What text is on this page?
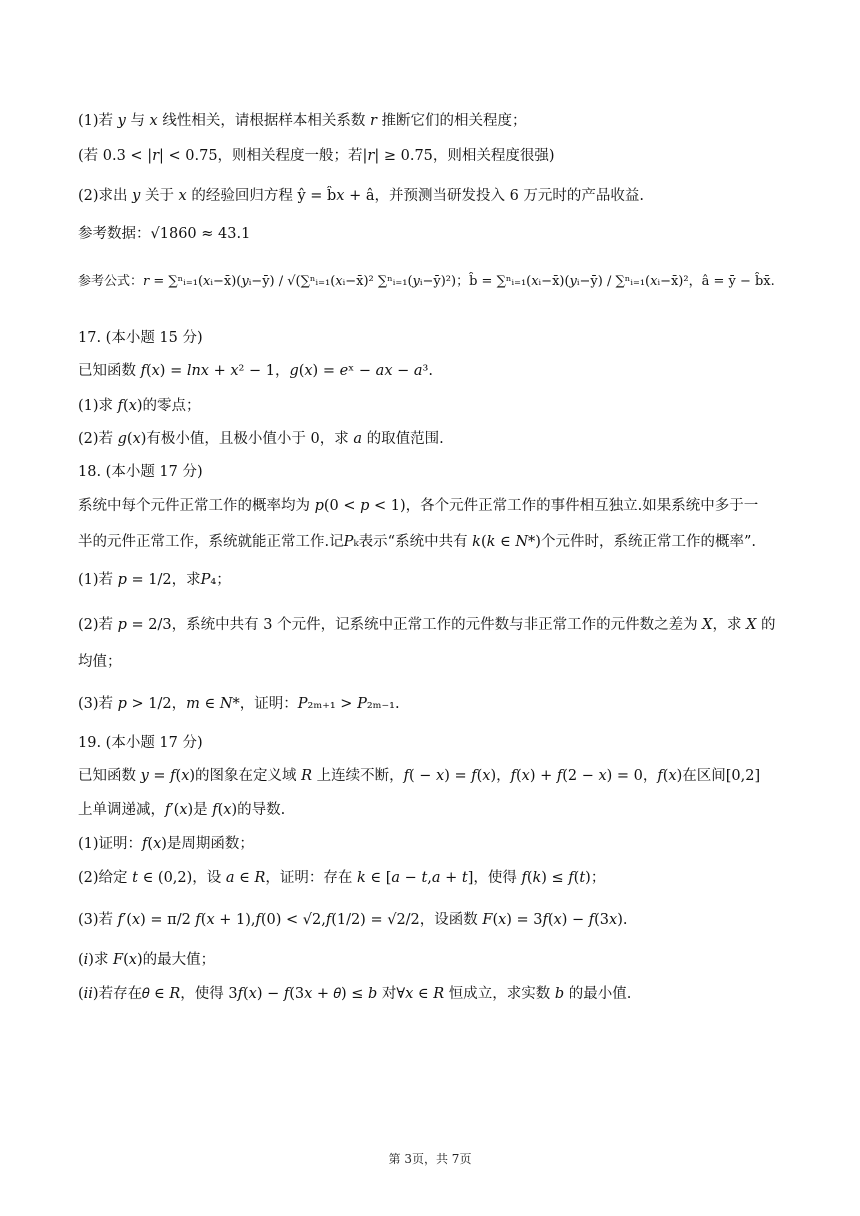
(1)若 𝑦 与 𝑥 线性相关，请根据样本相关系数 𝑟 推断它们的相关程度；
(若 0.3 < |𝑟| < 0.75，则相关程度一般；若|𝑟| ≥ 0.75，则相关程度很强)
(2)求出 𝑦 关于 𝑥 的经验回归方程 ŷ = b̂𝑥 + â，并预测当研发投入 6 万元时的产品收益.
参考数据：√1860 ≈ 43.1
参考公式：𝑟 = ∑ⁿᵢ₌₁(𝑥ᵢ−x̄)(𝑦ᵢ−ȳ) / √(∑ⁿᵢ₌₁(𝑥ᵢ−x̄)² ∑ⁿᵢ₌₁(𝑦ᵢ−ȳ)²)；b̂ = ∑ⁿᵢ₌₁(𝑥ᵢ−x̄)(𝑦ᵢ−ȳ) / ∑ⁿᵢ₌₁(𝑥ᵢ−x̄)²，â = ȳ − b̂x̄.
17. (本小题 15 分)
已知函数 𝑓(𝑥) = 𝑙𝑛𝑥 + 𝑥² − 1，𝑔(𝑥) = 𝑒ˣ − 𝑎𝑥 − 𝑎³.
(1)求 𝑓(𝑥)的零点；
(2)若 𝑔(𝑥)有极小值，且极小值小于 0，求 𝑎 的取值范围.
18. (本小题 17 分)
系统中每个元件正常工作的概率均为 𝑝(0 < 𝑝 < 1)，各个元件正常工作的事件相互独立.如果系统中多于一
半的元件正常工作，系统就能正常工作.记𝑃ₖ表示“系统中共有 𝑘(𝑘 ∈ 𝑁*)个元件时，系统正常工作的概率”.
(1)若 𝑝 = 1/2，求𝑃₄；
(2)若 𝑝 = 2/3，系统中共有 3 个元件，记系统中正常工作的元件数与非正常工作的元件数之差为 𝑋，求 𝑋 的
均值；
(3)若 𝑝 > 1/2，𝑚 ∈ 𝑁*，证明：𝑃₂ₘ₊₁ > 𝑃₂ₘ₋₁.
19. (本小题 17 分)
已知函数 𝑦 = 𝑓(𝑥)的图象在定义域 𝑅 上连续不断，𝑓( − 𝑥) = 𝑓(𝑥)，𝑓(𝑥) + 𝑓(2 − 𝑥) = 0，𝑓(𝑥)在区间[0,2]
上单调递减，𝑓′(𝑥)是 𝑓(𝑥)的导数.
(1)证明：𝑓(𝑥)是周期函数；
(2)给定 𝑡 ∈ (0,2)，设 𝑎 ∈ 𝑅，证明：存在 𝑘 ∈ [𝑎 − 𝑡,𝑎 + 𝑡]，使得 𝑓(𝑘) ≤ 𝑓(𝑡)；
(3)若 𝑓′(𝑥) = π/2 𝑓(𝑥 + 1),𝑓(0) < √2,𝑓(1/2) = √2/2，设函数 𝐹(𝑥) = 3𝑓(𝑥) − 𝑓(3𝑥).
(𝑖)求 𝐹(𝑥)的最大值；
(𝑖𝑖)若存在𝜃 ∈ 𝑅，使得 3𝑓(𝑥) − 𝑓(3𝑥 + 𝜃) ≤ 𝑏 对∀𝑥 ∈ 𝑅 恒成立，求实数 𝑏 的最小值.
第 3页，共 7页
